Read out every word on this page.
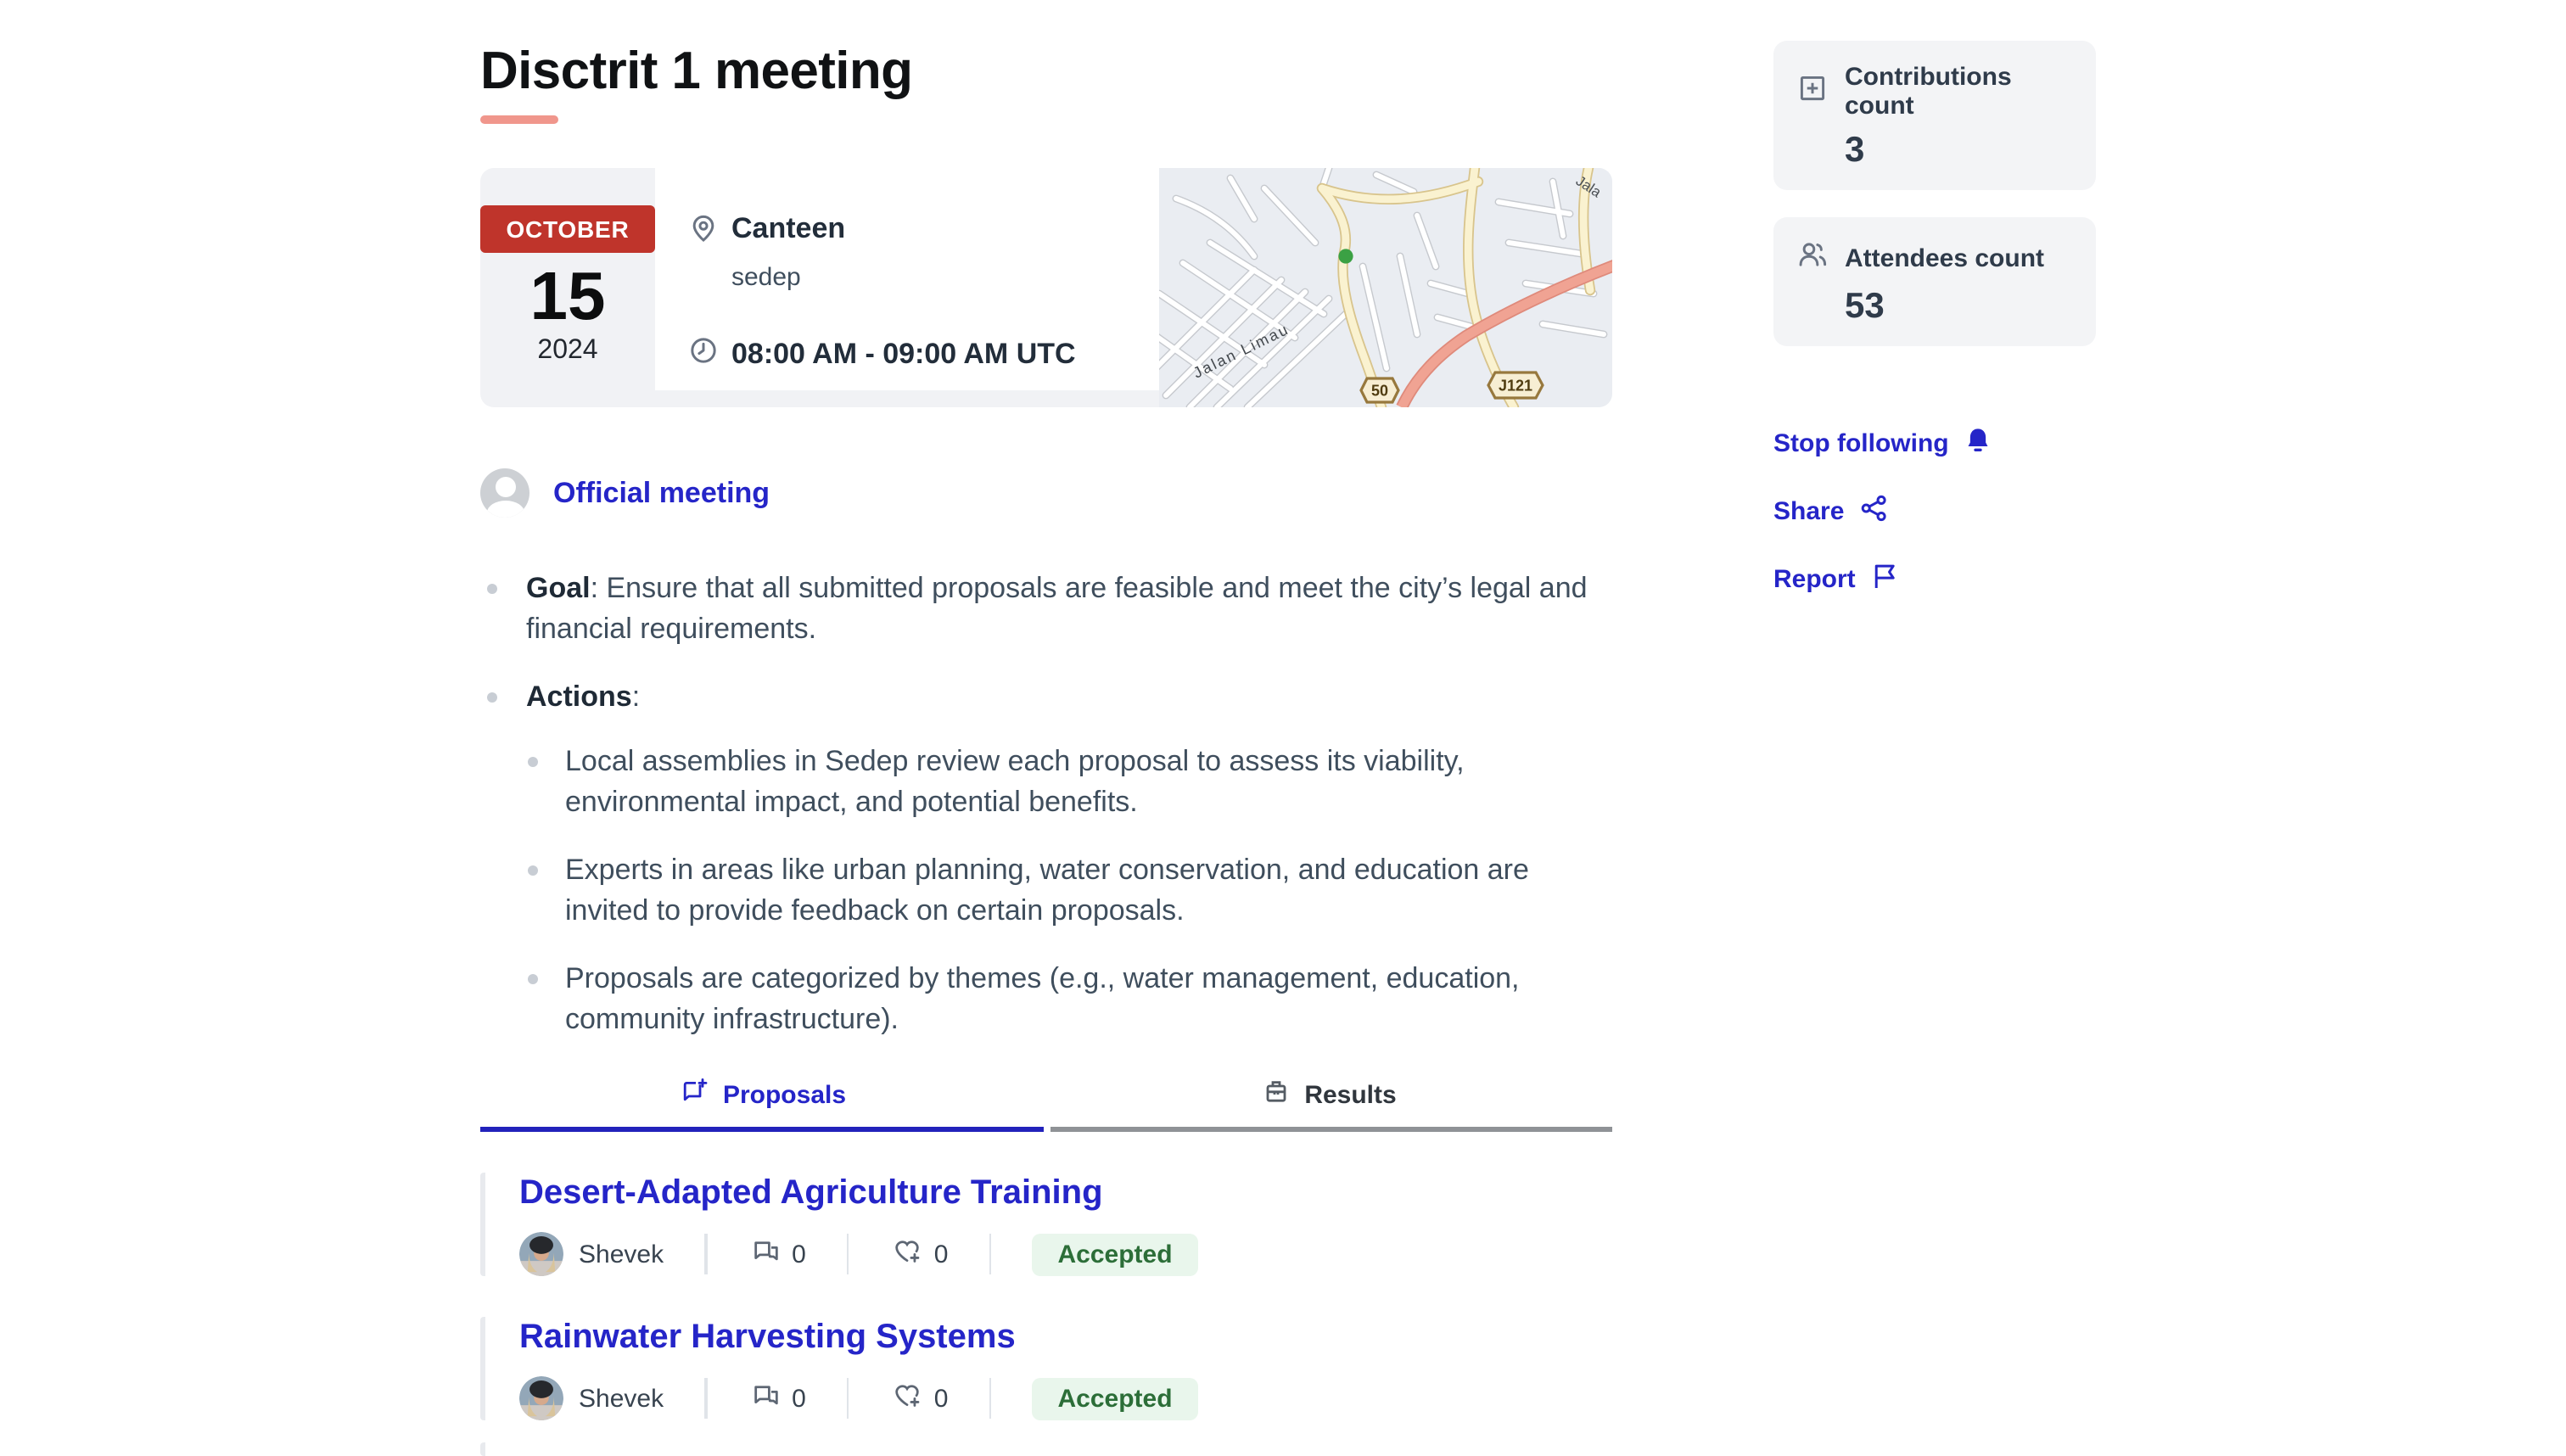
Disctrit 1 meeting
OCTOBER
15
2024
Canteen
sedep
08:00 AM - 09:00 AM UTC	Jalan Limau
Jala
50	J121
Official meeting
Goal: Ensure that all submitted proposals are feasible and meet the city’s legal and financial requirements.
Actions:
Local assemblies in Sedep review each proposal to assess its viability, environmental impact, and potential benefits.
Experts in areas like urban planning, water conservation, and education are invited to provide feedback on certain proposals.
Proposals are categorized by themes (e.g., water management, education, community infrastructure).
Proposals	Results
Desert-Adapted Agriculture Training
Shevek	0	0	Accepted
Rainwater Harvesting Systems
Shevek	0	0	Accepted
Contributions count
3
Attendees count
53
Stop following
Share
Report
